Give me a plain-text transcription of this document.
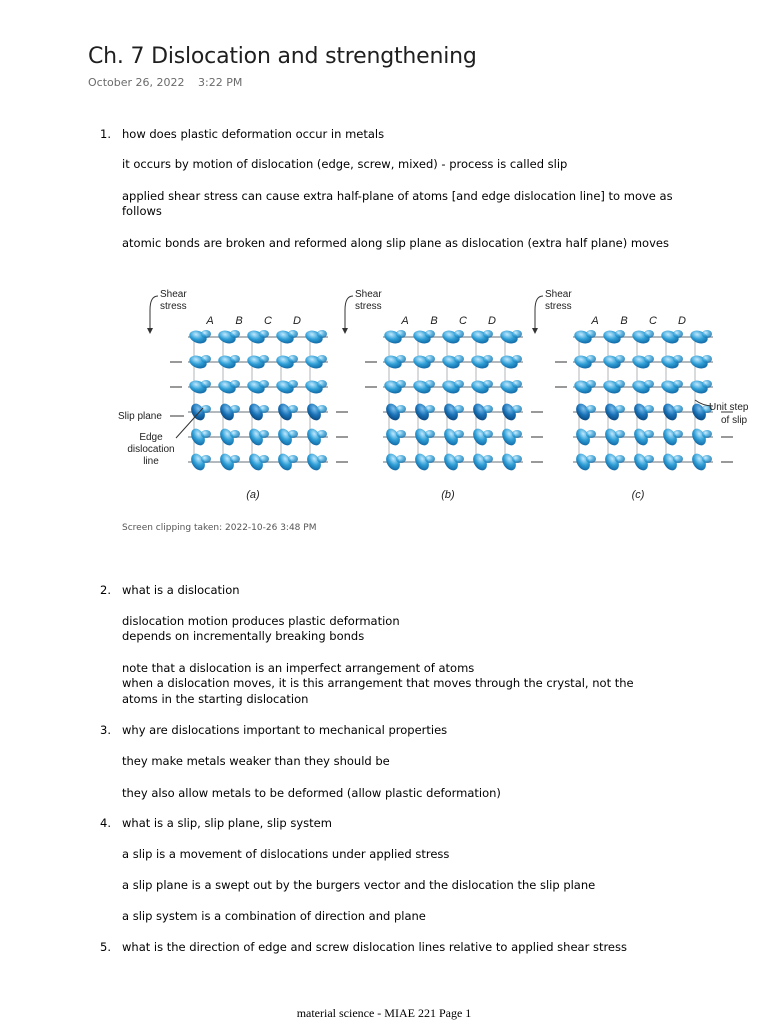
Ch. 7 Dislocation and strengthening
October 26, 2022 3:22 PM
1. how does plastic deformation occur in metals
it occurs by motion of dislocation (edge, screw, mixed) - process is called slip
applied shear stress can cause extra half-plane of atoms [and edge dislocation line] to move as
follows
atomic bonds are broken and reformed along slip plane as dislocation (extra half plane) moves
Shear
stress
A B C D
(a)
Shear
stress
A B C D
(b)
Shear
stress
A B C D
(c)
Slip plane
Edge
dislocation
line
Unit step
of slip
Screen clipping taken: 2022-10-26 3:48 PM
2. what is a dislocation
dislocation motion produces plastic deformation
depends on incrementally breaking bonds
note that a dislocation is an imperfect arrangement of atoms
when a dislocation moves, it is this arrangement that moves through the crystal, not the
atoms in the starting dislocation
3. why are dislocations important to mechanical properties
they make metals weaker than they should be
they also allow metals to be deformed (allow plastic deformation)
4. what is a slip, slip plane, slip system
a slip is a movement of dislocations under applied stress
a slip plane is a swept out by the burgers vector and the dislocation the slip plane
a slip system is a combination of direction and plane
5. what is the direction of edge and screw dislocation lines relative to applied shear stress
material science - MIAE 221 Page 1
